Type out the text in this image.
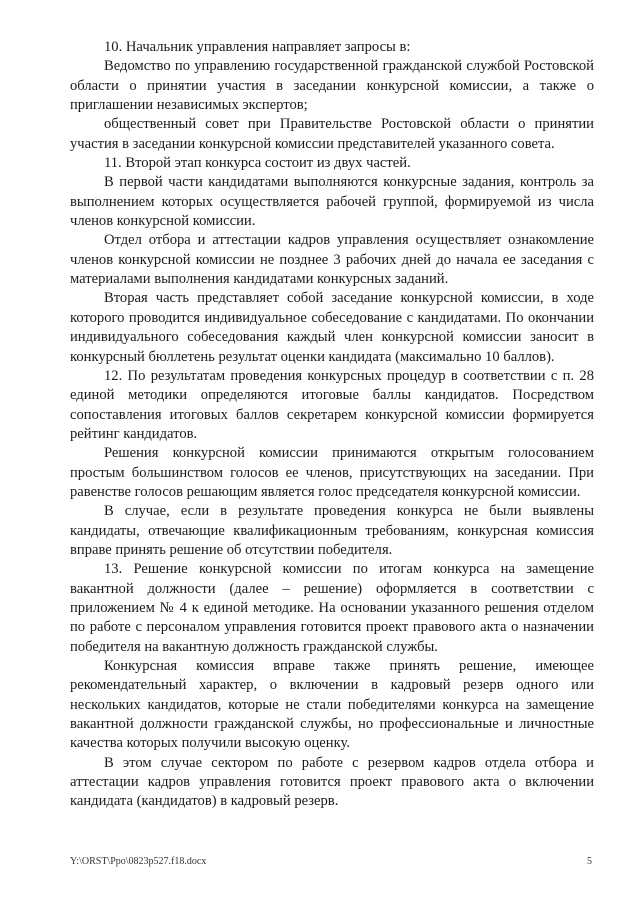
10. Начальник управления направляет запросы в:

Ведомство по управлению государственной гражданской службой Ростовской области о принятии участия в заседании конкурсной комиссии, а также о приглашении независимых экспертов;

общественный совет при Правительстве Ростовской области о принятии участия в заседании конкурсной комиссии представителей указанного совета.

11. Второй этап конкурса состоит из двух частей.

В первой части кандидатами выполняются конкурсные задания, контроль за выполнением которых осуществляется рабочей группой, формируемой из числа членов конкурсной комиссии.

Отдел отбора и аттестации кадров управления осуществляет ознакомление членов конкурсной комиссии не позднее 3 рабочих дней до начала ее заседания с материалами выполнения кандидатами конкурсных заданий.

Вторая часть представляет собой заседание конкурсной комиссии, в ходе которого проводится индивидуальное собеседование с кандидатами. По окончании индивидуального собеседования каждый член конкурсной комиссии заносит в конкурсный бюллетень результат оценки кандидата (максимально 10 баллов).

12. По результатам проведения конкурсных процедур в соответствии с п. 28 единой методики определяются итоговые баллы кандидатов. Посредством сопоставления итоговых баллов секретарем конкурсной комиссии формируется рейтинг кандидатов.

Решения конкурсной комиссии принимаются открытым голосованием простым большинством голосов ее членов, присутствующих на заседании. При равенстве голосов решающим является голос председателя конкурсной комиссии.

В случае, если в результате проведения конкурса не были выявлены кандидаты, отвечающие квалификационным требованиям, конкурсная комиссия вправе принять решение об отсутствии победителя.

13. Решение конкурсной комиссии по итогам конкурса на замещение вакантной должности (далее – решение) оформляется в соответствии с приложением № 4 к единой методике. На основании указанного решения отделом по работе с персоналом управления готовится проект правового акта о назначении победителя на вакантную должность гражданской службы.

Конкурсная комиссия вправе также принять решение, имеющее рекомендательный характер, о включении в кадровый резерв одного или нескольких кандидатов, которые не стали победителями конкурса на замещение вакантной должности гражданской службы, но профессиональные и личностные качества которых получили высокую оценку.

В этом случае сектором по работе с резервом кадров отдела отбора и аттестации кадров управления готовится проект правового акта о включении кандидата (кандидатов) в кадровый резерв.

Y:\ORST\Ppo\0823p527.f18.docx	5
